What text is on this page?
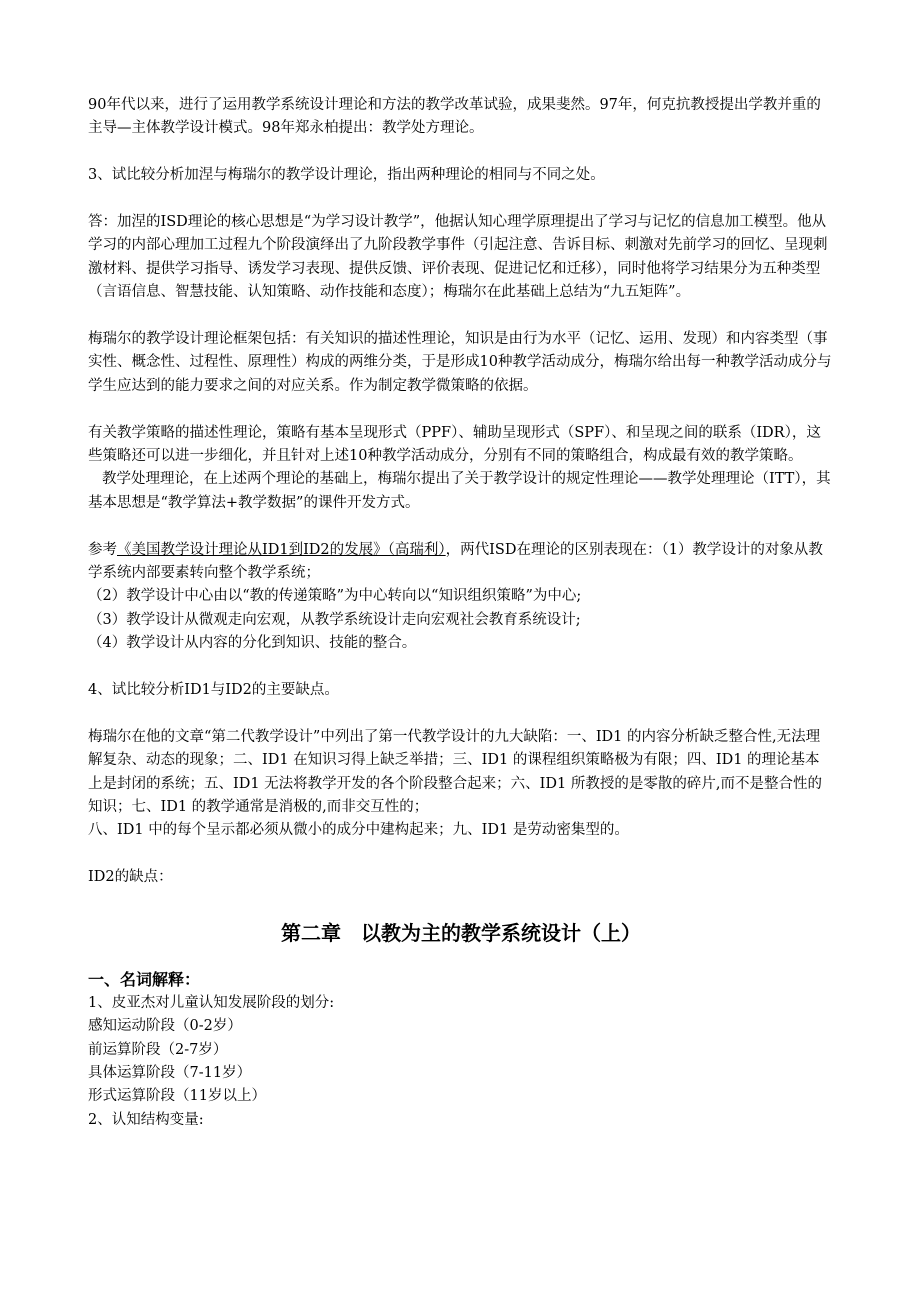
90年代以来，进行了运用教学系统设计理论和方法的教学改革试验，成果斐然。97年，何克抗教授提出学教并重的主导—主体教学设计模式。98年郑永柏提出：教学处方理论。

3、试比较分析加涅与梅瑞尔的教学设计理论，指出两种理论的相同与不同之处。

答：加涅的ISD理论的核心思想是“为学习设计教学”，他据认知心理学原理提出了学习与记忆的信息加工模型。他从学习的内部心理加工过程九个阶段演绎出了九阶段教学事件（引起注意、告诉目标、刺激对先前学习的回忆、呈现刺激材料、提供学习指导、诱发学习表现、提供反馈、评价表现、促进记忆和迁移），同时他将学习结果分为五种类型（言语信息、智慧技能、认知策略、动作技能和态度）；梅瑞尔在此基础上总结为“九五矩阵”。

梅瑞尔的教学设计理论框架包括：有关知识的描述性理论，知识是由行为水平（记忆、运用、发现）和内容类型（事实性、概念性、过程性、原理性）构成的两维分类，于是形成10种教学活动成分，梅瑞尔给出每一种教学活动成分与学生应达到的能力要求之间的对应关系。作为制定教学微策略的依据。

有关教学策略的描述性理论，策略有基本呈现形式（PPF）、辅助呈现形式（SPF）、和呈现之间的联系（IDR），这些策略还可以进一步细化，并且针对上述10种教学活动成分，分别有不同的策略组合，构成最有效的教学策略。

教学处理理论，在上述两个理论的基础上，梅瑞尔提出了关于教学设计的规定性理论——教学处理理论（ITT），其基本思想是“教学算法+教学数据”的课件开发方式。

参考《美国教学设计理论从ID1到ID2的发展》（高瑞利），两代ISD在理论的区别表现在：（1）教学设计的对象从教学系统内部要素转向整个教学系统；

（2）教学设计中心由以“教的传递策略”为中心转向以“知识组织策略”为中心;

（3）教学设计从微观走向宏观，从教学系统设计走向宏观社会教育系统设计;

（4）教学设计从内容的分化到知识、技能的整合。

4、试比较分析ID1与ID2的主要缺点。

梅瑞尔在他的文章“第二代教学设计”中列出了第一代教学设计的九大缺陷：一、ID1 的内容分析缺乏整合性,无法理解复杂、动态的现象；二、ID1 在知识习得上缺乏举措；三、ID1 的课程组织策略极为有限；四、ID1 的理论基本上是封闭的系统；五、ID1 无法将教学开发的各个阶段整合起来；六、ID1 所教授的是零散的碎片,而不是整合性的知识；七、ID1 的教学通常是消极的,而非交互性的；

八、ID1 中的每个呈示都必须从微小的成分中建构起来；九、ID1 是劳动密集型的。

ID2的缺点：

第二章　以教为主的教学系统设计（上）

一、名词解释：

1、皮亚杰对儿童认知发展阶段的划分:

感知运动阶段（0-2岁）

前运算阶段（2-7岁）

具体运算阶段（7-11岁）

形式运算阶段（11岁以上）

2、认知结构变量:
